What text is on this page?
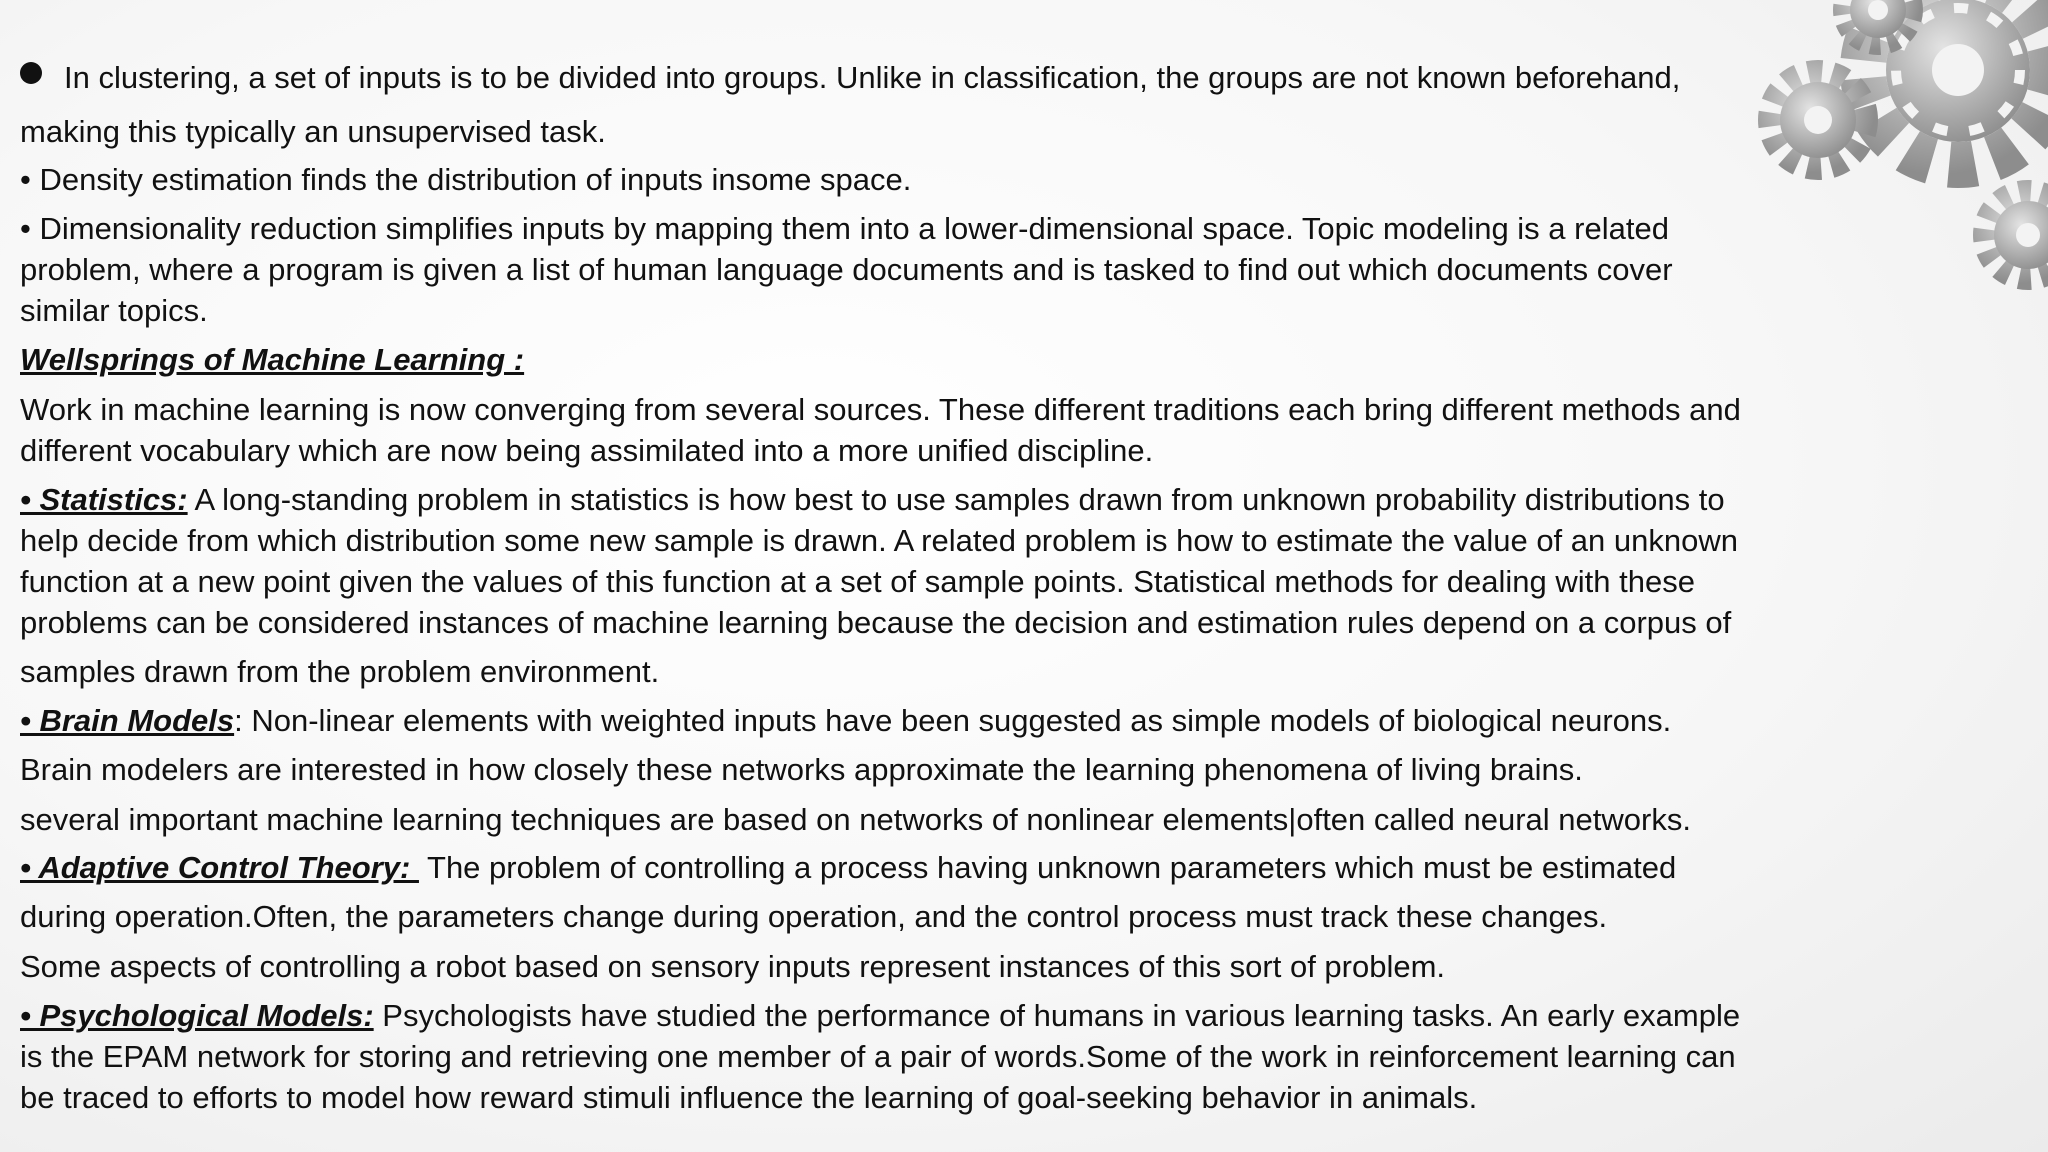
In clustering, a set of inputs is to be divided into groups. Unlike in classification, the groups are not known beforehand,
making this typically an unsupervised task.
• Density estimation finds the distribution of inputs insome space.
• Dimensionality reduction simplifies inputs by mapping them into a lower-dimensional space. Topic modeling is a related
problem, where a program is given a list of human language documents and is tasked to find out which documents cover
similar topics.
Wellsprings of Machine Learning :
Work in machine learning is now converging from several sources. These different traditions each bring different methods and
different vocabulary which are now being assimilated into a more unified discipline.
• Statistics: A long-standing problem in statistics is how best to use samples drawn from unknown probability distributions to
help decide from which distribution some new sample is drawn. A related problem is how to estimate the value of an unknown
function at a new point given the values of this function at a set of sample points. Statistical methods for dealing with these
problems can be considered instances of machine learning because the decision and estimation rules depend on a corpus of
samples drawn from the problem environment.
• Brain Models: Non-linear elements with weighted inputs have been suggested as simple models of biological neurons.
Brain modelers are interested in how closely these networks approximate the learning phenomena of living brains.
several important machine learning techniques are based on networks of nonlinear elements|often called neural networks.
• Adaptive Control Theory:  The problem of controlling a process having unknown parameters which must be estimated
during operation.Often, the parameters change during operation, and the control process must track these changes.
Some aspects of controlling a robot based on sensory inputs represent instances of this sort of problem.
• Psychological Models: Psychologists have studied the performance of humans in various learning tasks. An early example
is the EPAM network for storing and retrieving one member of a pair of words.Some of the work in reinforcement learning can
be traced to efforts to model how reward stimuli influence the learning of goal-seeking behavior in animals.
